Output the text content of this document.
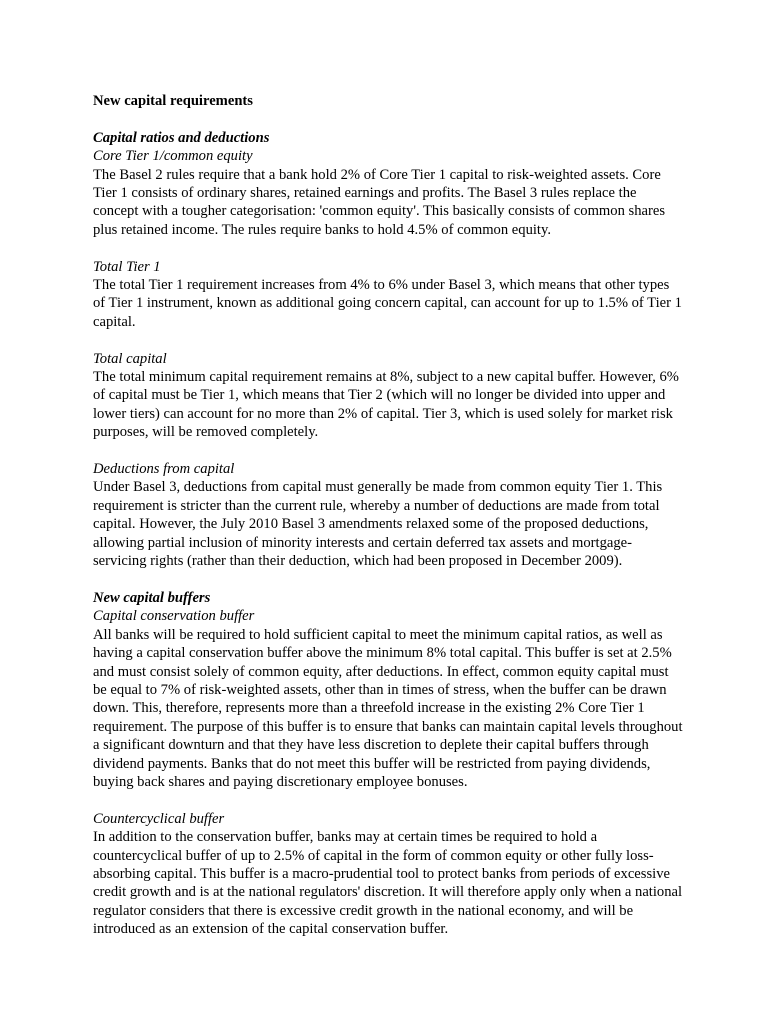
New capital requirements

Capital ratios and deductions

Core Tier 1/common equity

The Basel 2 rules require that a bank hold 2% of Core Tier 1 capital to risk-weighted assets. Core Tier 1 consists of ordinary shares, retained earnings and profits. The Basel 3 rules replace the concept with a tougher categorisation: 'common equity'. This basically consists of common shares plus retained income. The rules require banks to hold 4.5% of common equity.

Total Tier 1

The total Tier 1 requirement increases from 4% to 6% under Basel 3, which means that other types of Tier 1 instrument, known as additional going concern capital, can account for up to 1.5% of Tier 1 capital.

Total capital

The total minimum capital requirement remains at 8%, subject to a new capital buffer. However, 6% of capital must be Tier 1, which means that Tier 2 (which will no longer be divided into upper and lower tiers) can account for no more than 2% of capital. Tier 3, which is used solely for market risk purposes, will be removed completely.

Deductions from capital

Under Basel 3, deductions from capital must generally be made from common equity Tier 1. This requirement is stricter than the current rule, whereby a number of deductions are made from total capital. However, the July 2010 Basel 3 amendments relaxed some of the proposed deductions, allowing partial inclusion of minority interests and certain deferred tax assets and mortgage-servicing rights (rather than their deduction, which had been proposed in December 2009).

New capital buffers

Capital conservation buffer

All banks will be required to hold sufficient capital to meet the minimum capital ratios, as well as having a capital conservation buffer above the minimum 8% total capital. This buffer is set at 2.5% and must consist solely of common equity, after deductions. In effect, common equity capital must be equal to 7% of risk-weighted assets, other than in times of stress, when the buffer can be drawn down. This, therefore, represents more than a threefold increase in the existing 2% Core Tier 1 requirement. The purpose of this buffer is to ensure that banks can maintain capital levels throughout a significant downturn and that they have less discretion to deplete their capital buffers through dividend payments. Banks that do not meet this buffer will be restricted from paying dividends, buying back shares and paying discretionary employee bonuses.

Countercyclical buffer

In addition to the conservation buffer, banks may at certain times be required to hold a countercyclical buffer of up to 2.5% of capital in the form of common equity or other fully loss-absorbing capital. This buffer is a macro-prudential tool to protect banks from periods of excessive credit growth and is at the national regulators' discretion. It will therefore apply only when a national regulator considers that there is excessive credit growth in the national economy, and will be introduced as an extension of the capital conservation buffer.
